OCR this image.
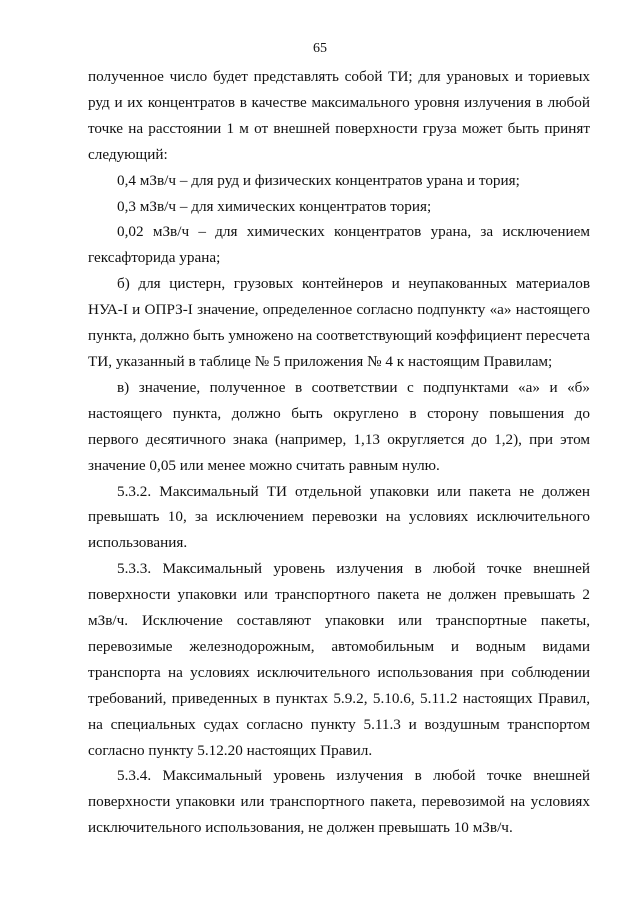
65

полученное число будет представлять собой ТИ; для урановых и ториевых руд и их концентратов в качестве максимального уровня излучения в любой точке на расстоянии 1 м от внешней поверхности груза может быть принят следующий:

0,4 мЗв/ч – для руд и физических концентратов урана и тория;

0,3 мЗв/ч – для химических концентратов тория;

0,02 мЗв/ч – для химических концентратов урана, за исключением гексафторида урана;

б) для цистерн, грузовых контейнеров и неупакованных материалов НУА-I и ОПРЗ-I значение, определенное согласно подпункту «а» настоящего пункта, должно быть умножено на соответствующий коэффициент пересчета ТИ, указанный в таблице № 5 приложения № 4 к настоящим Правилам;

в) значение, полученное в соответствии с подпунктами «а» и «б» настоящего пункта, должно быть округлено в сторону повышения до первого десятичного знака (например, 1,13 округляется до 1,2), при этом значение 0,05 или менее можно считать равным нулю.

5.3.2. Максимальный ТИ отдельной упаковки или пакета не должен превышать 10, за исключением перевозки на условиях исключительного использования.

5.3.3. Максимальный уровень излучения в любой точке внешней поверхности упаковки или транспортного пакета не должен превышать 2 мЗв/ч. Исключение составляют упаковки или транспортные пакеты, перевозимые железнодорожным, автомобильным и водным видами транспорта на условиях исключительного использования при соблюдении требований, приведенных в пунктах 5.9.2, 5.10.6, 5.11.2 настоящих Правил, на специальных судах согласно пункту 5.11.3 и воздушным транспортом согласно пункту 5.12.20 настоящих Правил.

5.3.4. Максимальный уровень излучения в любой точке внешней поверхности упаковки или транспортного пакета, перевозимой на условиях исключительного использования, не должен превышать 10 мЗв/ч.
